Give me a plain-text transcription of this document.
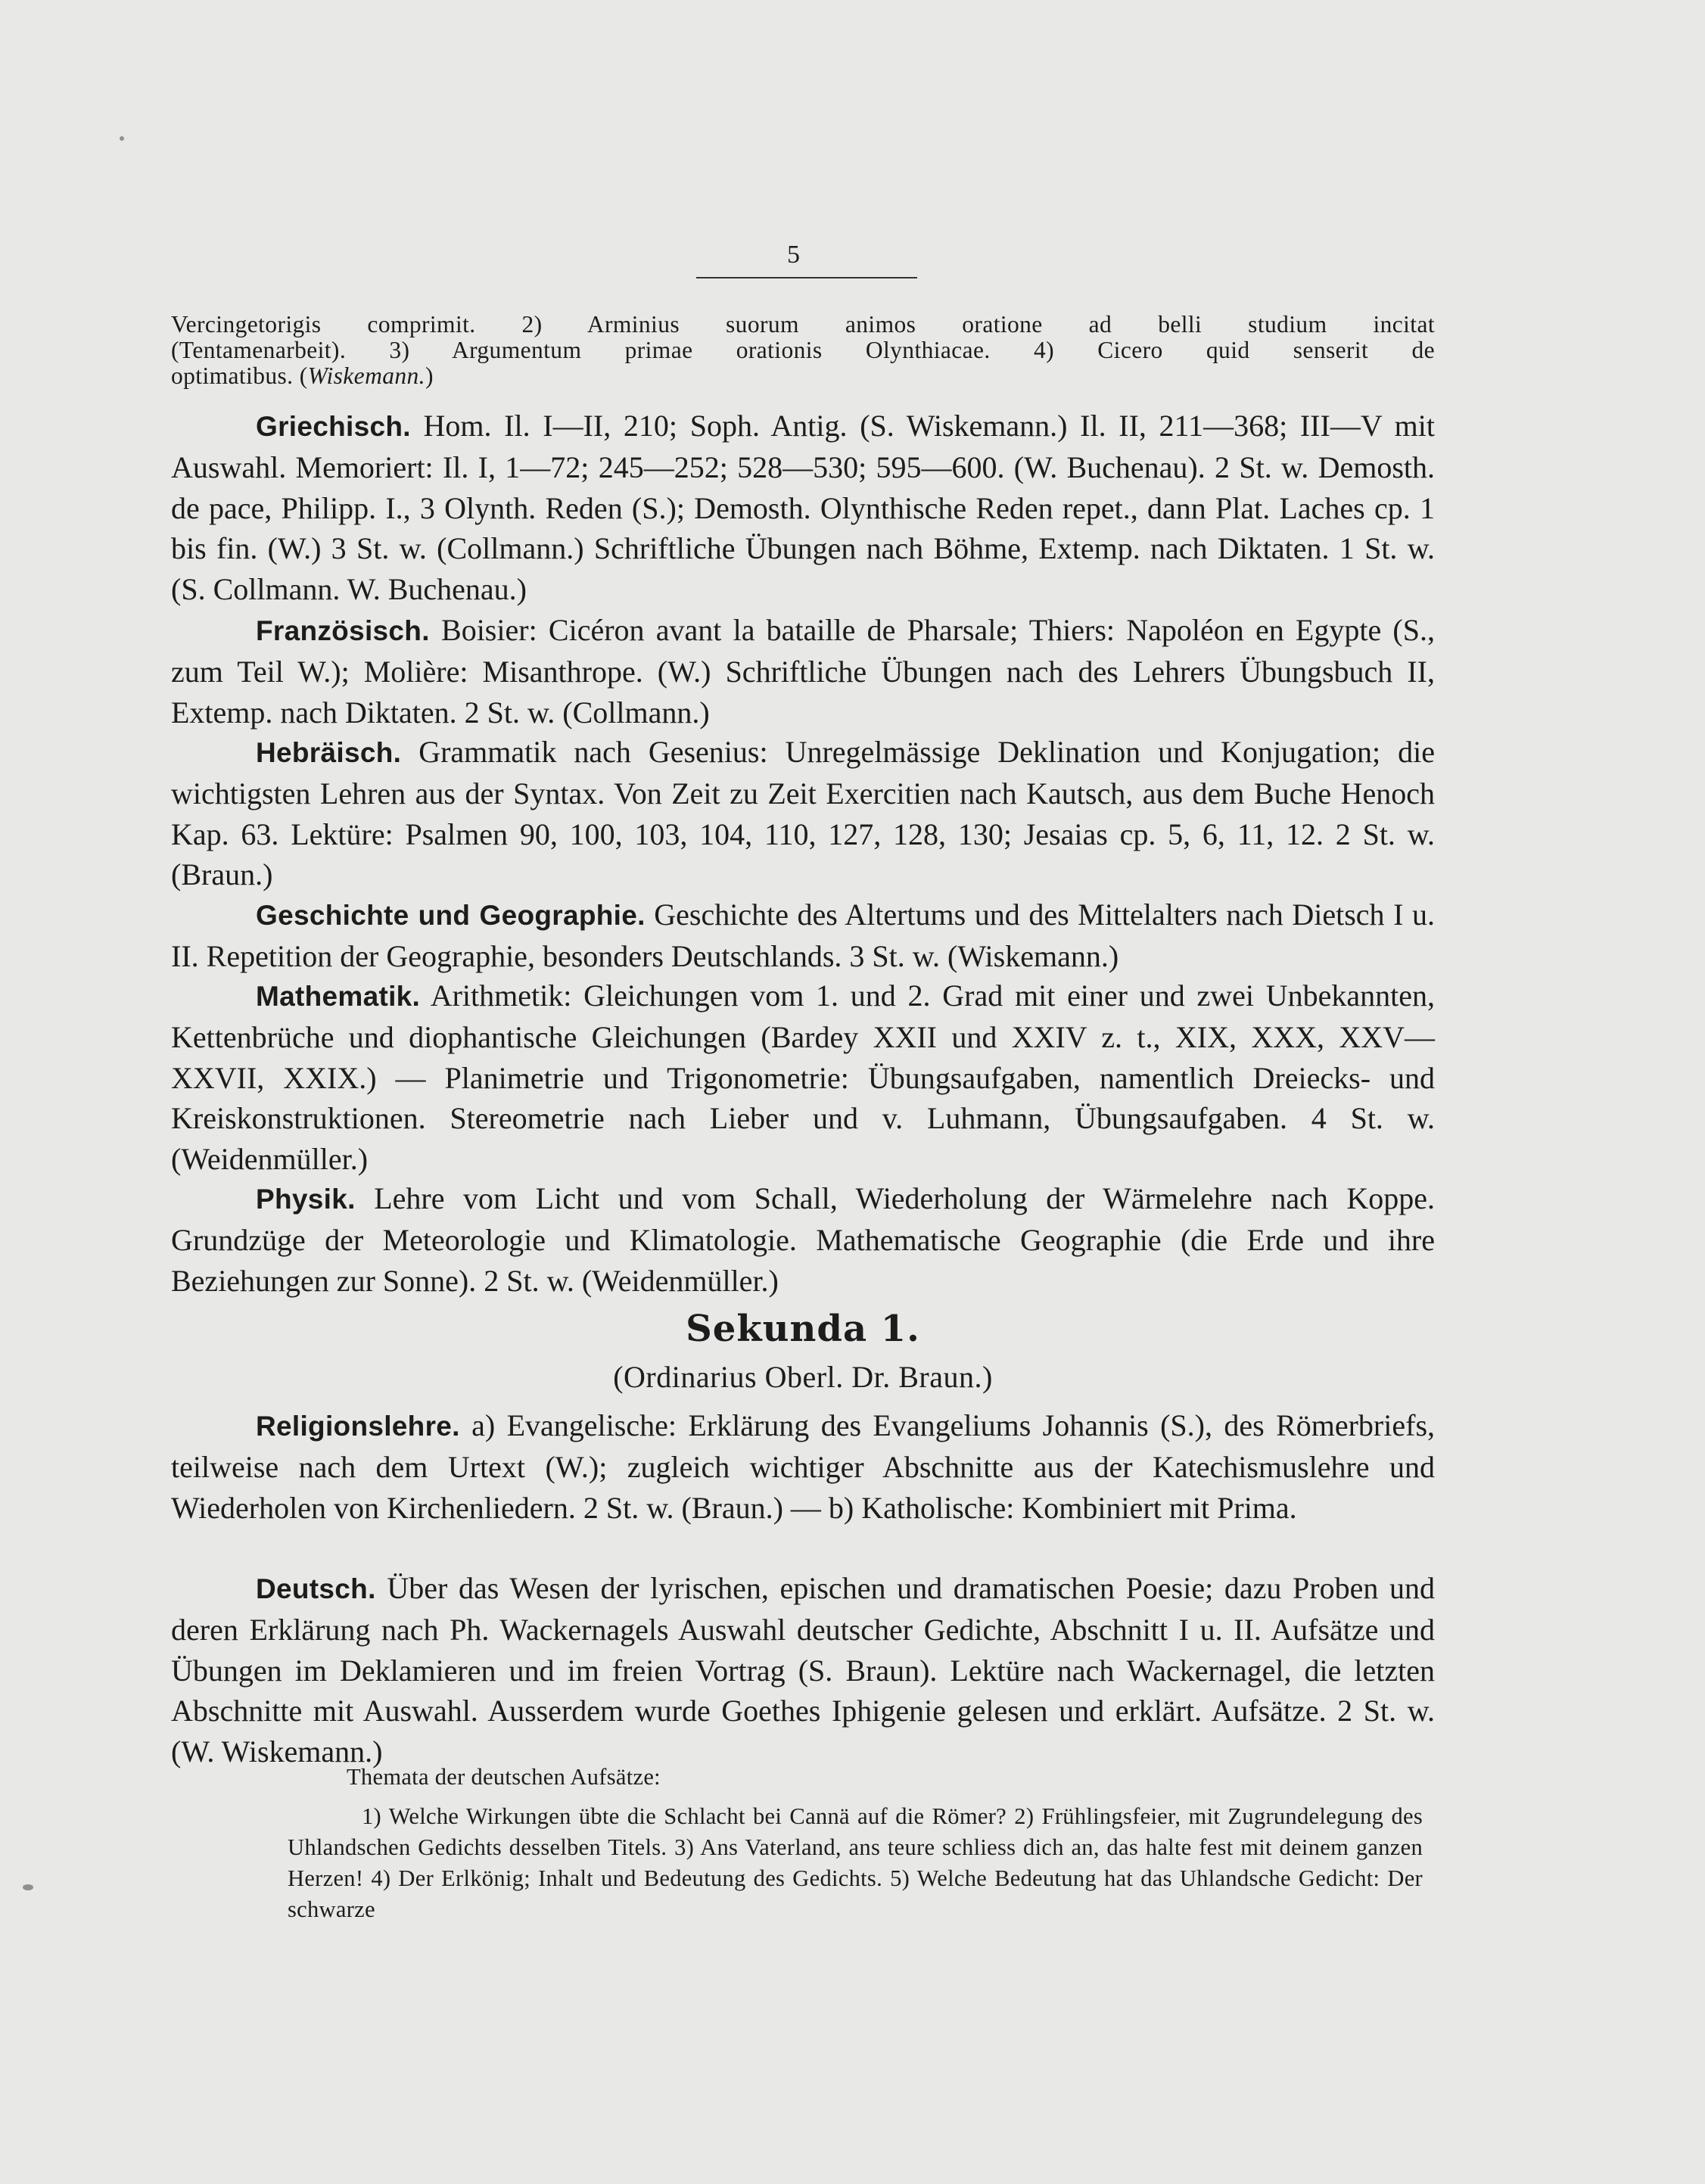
5
Vercingetorigis comprimit. 2) Arminius suorum animos oratione ad belli studium incitat
(Tentamenarbeit). 3) Argumentum primae orationis Olynthiacae. 4) Cicero quid senserit de
optimatibus. (Wiskemann.)
Griechisch. Hom. Il. I—II, 210; Soph. Antig. (S. Wiskemann.) Il. II, 211—368; III—V mit Auswahl. Memoriert: Il. I, 1—72; 245—252; 528—530; 595—600. (W. Buchenau). 2 St. w. Demosth. de pace, Philipp. I., 3 Olynth. Reden (S.); Demosth. Olynthische Reden repet., dann Plat. Laches cp. 1 bis fin. (W.) 3 St. w. (Collmann.) Schriftliche Übungen nach Böhme, Extemp. nach Diktaten. 1 St. w. (S. Collmann. W. Buchenau.)
Französisch. Boisier: Cicéron avant la bataille de Pharsale; Thiers: Napoléon en Egypte (S., zum Teil W.); Molière: Misanthrope. (W.) Schriftliche Übungen nach des Lehrers Übungsbuch II, Extemp. nach Diktaten. 2 St. w. (Collmann.)
Hebräisch. Grammatik nach Gesenius: Unregelmässige Deklination und Konjugation; die wichtigsten Lehren aus der Syntax. Von Zeit zu Zeit Exercitien nach Kautsch, aus dem Buche Henoch Kap. 63. Lektüre: Psalmen 90, 100, 103, 104, 110, 127, 128, 130; Jesaias cp. 5, 6, 11, 12. 2 St. w. (Braun.)
Geschichte und Geographie. Geschichte des Altertums und des Mittelalters nach Dietsch I u. II. Repetition der Geographie, besonders Deutschlands. 3 St. w. (Wiskemann.)
Mathematik. Arithmetik: Gleichungen vom 1. und 2. Grad mit einer und zwei Unbekannten, Kettenbrüche und diophantische Gleichungen (Bardey XXII und XXIV z. t., XIX, XXX, XXV—XXVII, XXIX.) — Planimetrie und Trigonometrie: Übungsaufgaben, namentlich Dreiecks- und Kreiskonstruktionen. Stereometrie nach Lieber und v. Luhmann, Übungsaufgaben. 4 St. w. (Weidenmüller.)
Physik. Lehre vom Licht und vom Schall, Wiederholung der Wärmelehre nach Koppe. Grundzüge der Meteorologie und Klimatologie. Mathematische Geographie (die Erde und ihre Beziehungen zur Sonne). 2 St. w. (Weidenmüller.)
Sekunda 1.
(Ordinarius Oberl. Dr. Braun.)
Religionslehre. a) Evangelische: Erklärung des Evangeliums Johannis (S.), des Römerbriefs, teilweise nach dem Urtext (W.); zugleich wichtiger Abschnitte aus der Katechismuslehre und Wiederholen von Kirchenliedern. 2 St. w. (Braun.) — b) Katholische: Kombiniert mit Prima.
Deutsch. Über das Wesen der lyrischen, epischen und dramatischen Poesie; dazu Proben und deren Erklärung nach Ph. Wackernagels Auswahl deutscher Gedichte, Abschnitt I u. II. Aufsätze und Übungen im Deklamieren und im freien Vortrag (S. Braun). Lektüre nach Wackernagel, die letzten Abschnitte mit Auswahl. Ausserdem wurde Goethes Iphigenie gelesen und erklärt. Aufsätze. 2 St. w. (W. Wiskemann.)
Themata der deutschen Aufsätze:
1) Welche Wirkungen übte die Schlacht bei Cannä auf die Römer? 2) Frühlingsfeier, mit Zugrundelegung des Uhlandschen Gedichts desselben Titels. 3) Ans Vaterland, ans teure schliess dich an, das halte fest mit deinem ganzen Herzen! 4) Der Erlkönig; Inhalt und Bedeutung des Gedichts. 5) Welche Bedeutung hat das Uhlandsche Gedicht: Der schwarze
